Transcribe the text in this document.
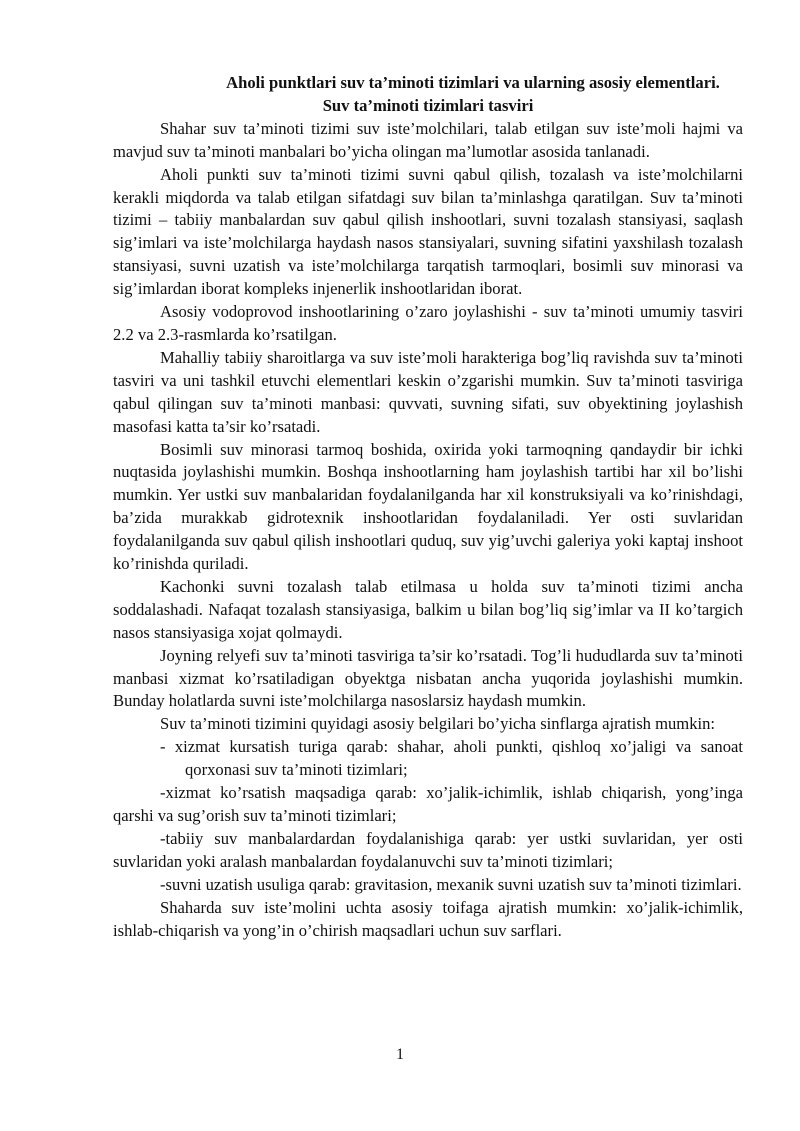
Aholi punktlari suv ta’minoti tizimlari va ularning asosiy elementlari.
Suv ta’minoti tizimlari tasviri

Shahar suv ta’minoti tizimi suv iste’molchilari, talab etilgan suv iste’moli hajmi va mavjud suv ta’minoti manbalari bo’yicha olingan ma’lumotlar asosida tanlanadi.

Aholi punkti suv ta’minoti tizimi suvni qabul qilish, tozalash va iste’molchilarni kerakli miqdorda va talab etilgan sifatdagi suv bilan ta’minlashga qaratilgan. Suv ta’minoti tizimi – tabiiy manbalardan suv qabul qilish inshootlari, suvni tozalash stansiyasi, saqlash sig’imlari va iste’molchilarga haydash nasos stansiyalari, suvning sifatini yaxshilash tozalash stansiyasi, suvni uzatish va iste’molchilarga tarqatish tarmoqlari, bosimli suv minorasi va sig’imlardan iborat kompleks injenerlik inshootlaridan iborat.

Asosiy vodoprovod inshootlarining o’zaro joylashishi - suv ta’minoti umumiy tasviri 2.2 va 2.3-rasmlarda ko’rsatilgan.

Mahalliy tabiiy sharoitlarga va suv iste’moli harakteriga bog’liq ravishda suv ta’minoti tasviri va uni tashkil etuvchi elementlari keskin o’zgarishi mumkin. Suv ta’minoti tasviriga qabul qilingan suv ta’minoti manbasi: quvvati, suvning sifati, suv obyektining joylashish masofasi katta ta’sir ko’rsatadi.

Bosimli suv minorasi tarmoq boshida, oxirida yoki tarmoqning qandaydir bir ichki nuqtasida joylashishi mumkin. Boshqa inshootlarning ham joylashish tartibi har xil bo’lishi mumkin. Yer ustki suv manbalaridan foydalanilganda har xil konstruksiyali va ko’rinishdagi, ba’zida murakkab gidrotexnik inshootlaridan foydalaniladi. Yer osti suvlaridan foydalanilganda suv qabul qilish inshootlari quduq, suv yig’uvchi galeriya yoki kaptaj inshoot ko’rinishda quriladi.

Kachonki suvni tozalash talab etilmasa u holda suv ta’minoti tizimi ancha soddalashadi. Nafaqat tozalash stansiyasiga, balkim u bilan bog’liq sig’imlar va II ko’targich nasos stansiyasiga xojat qolmaydi.

Joyning relyefi suv ta’minoti tasviriga ta’sir ko’rsatadi. Tog’li hududlarda suv ta’minoti manbasi xizmat ko’rsatiladigan obyektga nisbatan ancha yuqorida joylashishi mumkin. Bunday holatlarda suvni iste’molchilarga nasoslarsiz haydash mumkin.

Suv ta’minoti tizimini quyidagi asosiy belgilari bo’yicha sinflarga ajratish mumkin:

- xizmat kursatish turiga qarab: shahar, aholi punkti, qishloq xo’jaligi va sanoat qorxonasi suv ta’minoti tizimlari;

-xizmat ko’rsatish maqsadiga qarab: xo’jalik-ichimlik, ishlab chiqarish, yong’inga qarshi va sug’orish suv ta’minoti tizimlari;

-tabiiy suv manbalardardan foydalanishiga qarab: yer ustki suvlaridan, yer osti suvlaridan yoki aralash manbalardan foydalanuvchi suv ta’minoti tizimlari;

-suvni uzatish usuliga qarab: gravitasion, mexanik suvni uzatish suv ta’minoti tizimlari.

Shaharda suv iste’molini uchta asosiy toifaga ajratish mumkin: xo’jalik-ichimlik, ishlab-chiqarish va yong’in o’chirish maqsadlari uchun suv sarflari.

1
